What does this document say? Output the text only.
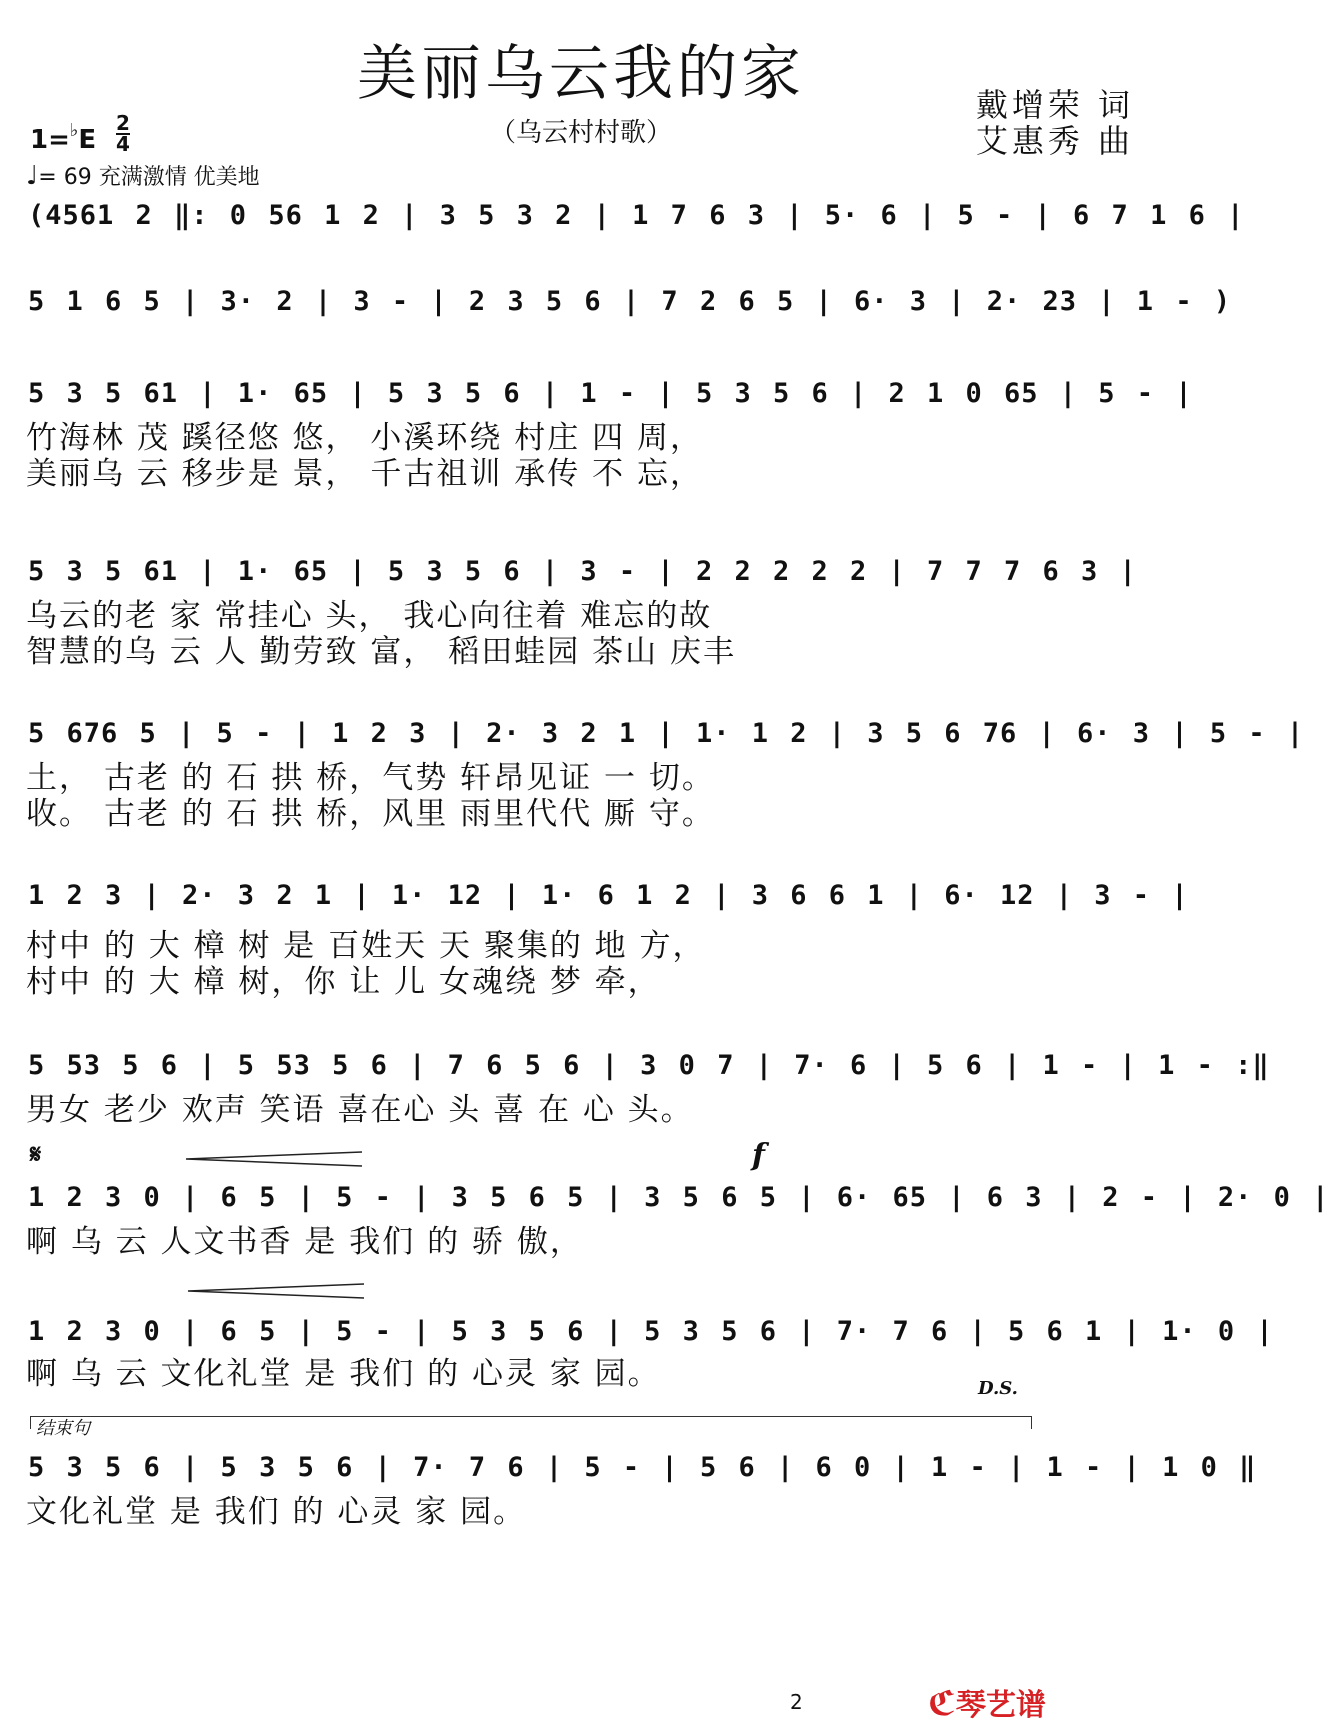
美丽乌云我的家
（乌云村村歌）
戴增荣 词
艾惠秀 曲
1=♭E
2
4
♩= 69 充满激情 优美地
(4561 2 ‖: 0 56 1 2 | 3 5 3 2 | 1 7 6 3 | 5· 6 | 5 - | 6 7 1 6 |
5 1 6 5 | 3· 2 | 3 - | 2 3 5 6 | 7 2 6 5 | 6· 3 | 2· 23 | 1 - )
5 3 5 61 | 1· 65 | 5 3 5 6 | 1 - | 5 3 5 6 | 2 1 0 65 | 5 - |
竹海林 茂 蹊径悠 悠， 小溪环绕 村庄 四 周，
美丽乌 云 移步是 景， 千古祖训 承传 不 忘，
5 3 5 61 | 1· 65 | 5 3 5 6 | 3 - | 2 2 2 2 2 | 7 7 7 6 3 |
乌云的老 家 常挂心 头， 我心向往着 难忘的故
智慧的乌 云 人 勤劳致 富， 稻田蛙园 茶山 庆丰
5 676 5 | 5 - | 1 2 3 | 2· 3 2 1 | 1· 1 2 | 3 5 6 76 | 6· 3 | 5 - |
土， 古老 的 石 拱 桥，气势 轩昂见证 一 切。
收。 古老 的 石 拱 桥，风里 雨里代代 厮 守。
1 2 3 | 2· 3 2 1 | 1· 12 | 1· 6 1 2 | 3 6 6 1 | 6· 12 | 3 - |
村中 的 大 樟 树 是 百姓天 天 聚集的 地 方，
村中 的 大 樟 树，你 让 儿 女魂绕 梦 牵，
5 53 5 6 | 5 53 5 6 | 7 6 5 6 | 3 0 7 | 7· 6 | 5 6 | 1 - | 1 - :‖
男女 老少 欢声 笑语 喜在心 头 喜 在 心 头。
𝄋	f
1 2 3 0 | 6 5 | 5 - | 3 5 6 5 | 3 5 6 5 | 6· 65 | 6 3 | 2 - | 2· 0 |
啊 乌 云 人文书香 是 我们 的 骄 傲，
1 2 3 0 | 6 5 | 5 - | 5 3 5 6 | 5 3 5 6 | 7· 7 6 | 5 6 1 | 1· 0 |
啊 乌 云 文化礼堂 是 我们 的 心灵 家 园。	D.S.
结束句
5 3 5 6 | 5 3 5 6 | 7· 7 6 | 5 - | 5 6 | 6 0 | 1 - | 1 - | 1 0 ‖
文化礼堂 是 我们 的 心灵 家 园。
2	ℭ琴艺谱
